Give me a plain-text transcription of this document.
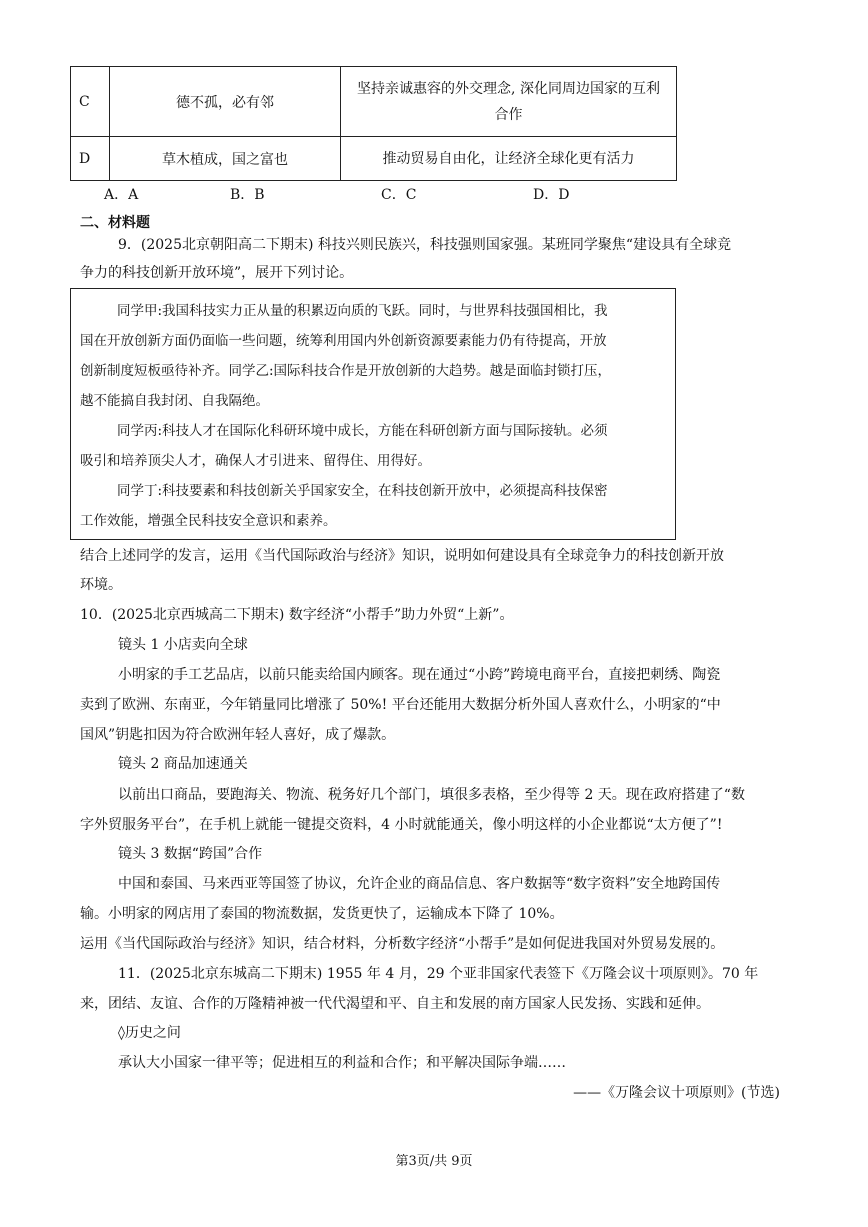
C	德不孤，必有邻	坚持亲诚惠容的外交理念, 深化同周边国家的互利
合作

D	草木植成，国之富也	推动贸易自由化，让经济全球化更有活力
A．A	B．B	C．C	D．D
二、材料题
9．(2025北京朝阳高二下期末) 科技兴则民族兴，科技强则国家强。某班同学聚焦“建设具有全球竞
争力的科技创新开放环境”，展开下列讨论。
同学甲:我国科技实力正从量的积累迈向质的飞跃。同时，与世界科技强国相比，我
国在开放创新方面仍面临一些问题，统筹利用国内外创新资源要素能力仍有待提高，开放
创新制度短板亟待补齐。同学乙:国际科技合作是开放创新的大趋势。越是面临封锁打压，
越不能搞自我封闭、自我隔绝。
同学丙:科技人才在国际化科研环境中成长，方能在科研创新方面与国际接轨。必须
吸引和培养顶尖人才，确保人才引进来、留得住、用得好。
同学丁:科技要素和科技创新关乎国家安全，在科技创新开放中，必须提高科技保密
工作效能，增强全民科技安全意识和素养。
结合上述同学的发言，运用《当代国际政治与经济》知识，说明如何建设具有全球竞争力的科技创新开放
环境。
10．(2025北京西城高二下期末) 数字经济“小帮手”助力外贸“上新”。
镜头 1 小店卖向全球
小明家的手工艺品店，以前只能卖给国内顾客。现在通过“小跨”跨境电商平台，直接把刺绣、陶瓷
卖到了欧洲、东南亚，今年销量同比增涨了 50%! 平台还能用大数据分析外国人喜欢什么，小明家的“中
国风”钥匙扣因为符合欧洲年轻人喜好，成了爆款。
镜头 2 商品加速通关
以前出口商品，要跑海关、物流、税务好几个部门，填很多表格，至少得等 2 天。现在政府搭建了“数
字外贸服务平台”，在手机上就能一键提交资料，4 小时就能通关，像小明这样的小企业都说“太方便了”!
镜头 3 数据“跨国”合作
中国和泰国、马来西亚等国签了协议，允许企业的商品信息、客户数据等“数字资料”安全地跨国传
输。小明家的网店用了泰国的物流数据，发货更快了，运输成本下降了 10%。
运用《当代国际政治与经济》知识，结合材料，分析数字经济“小帮手”是如何促进我国对外贸易发展的。
11．(2025北京东城高二下期末) 1955 年 4 月，29 个亚非国家代表签下《万隆会议十项原则》。70 年
来，团结、友谊、合作的万隆精神被一代代渴望和平、自主和发展的南方国家人民发扬、实践和延伸。
◊历史之问
承认大小国家一律平等；促进相互的利益和合作；和平解决国际争端……
——《万隆会议十项原则》(节选)
第3页/共 9页
